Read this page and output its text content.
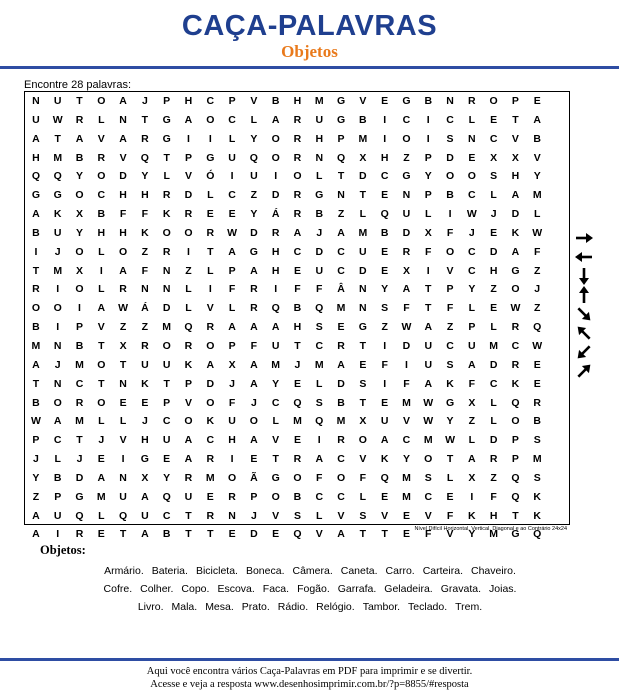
CAÇA-PALAVRAS
Objetos
Encontre 28 palavras:
N	U	T	O	A	J	P	H	C	P	V	B	H	M	G	V	E	G	B	N	R	O	P	E
U	W	R	L	N	T	G	A	O	C	L	A	R	U	G	B	I	C	I	C	L	E	T	A
A	T	A	V	A	R	G	I	I	L	Y	O	R	H	P	M	I	O	I	S	N	C	V	B
H	M	B	R	V	Q	T	P	G	U	Q	O	R	N	Q	X	H	Z	P	D	E	X	X	V
Q	Q	Y	O	D	Y	L	V	Ó	I	U	I	O	L	T	D	C	G	Y	O	O	S	H	Y
G	G	O	C	H	H	R	D	L	C	Z	D	R	G	N	T	E	N	P	B	C	L	A	M
A	K	X	B	F	F	K	R	E	E	Y	Á	R	B	Z	L	Q	U	L	I	W	J	D	L
B	U	Y	H	H	K	O	O	R	W	D	R	A	J	A	M	B	D	X	F	J	E	K	W
I	J	O	L	O	Z	R	I	T	A	G	H	C	D	C	U	E	R	F	O	C	D	A	F
T	M	X	I	A	F	N	Z	L	P	A	H	E	U	C	D	E	X	I	V	C	H	G	Z
R	I	O	L	R	N	N	L	I	F	R	I	F	F	Â	N	Y	A	T	P	Y	Z	O	J
O	O	I	A	W	Á	D	L	V	L	R	Q	B	Q	M	N	S	F	T	F	L	E	W	Z
B	I	P	V	Z	Z	M	Q	R	A	A	A	H	S	E	G	Z	W	A	Z	P	L	R	Q
M	N	B	T	X	R	O	R	O	P	F	U	T	C	R	T	I	D	U	C	U	M	C	W
A	J	M	O	T	U	U	K	A	X	A	M	J	M	A	E	F	I	U	S	A	D	R	E
T	N	C	T	N	K	T	P	D	J	A	Y	E	L	D	S	I	F	A	K	F	C	K	E
B	O	R	O	E	E	P	V	O	F	J	C	Q	S	B	T	E	M	W	G	X	L	Q	R
W	A	M	L	L	J	C	O	K	U	O	L	M	Q	M	X	U	V	W	Y	Z	L	O	B
P	C	T	J	V	H	U	A	C	H	A	V	E	I	R	O	A	C	M	W	L	D	P	S
J	L	J	E	I	G	E	A	R	I	E	T	R	A	C	V	K	Y	O	T	A	R	P	M
Y	B	D	A	N	X	Y	R	M	O	Ã	G	O	F	O	F	Q	M	S	L	X	Z	Q	S
Z	P	G	M	U	A	Q	U	E	R	P	O	B	C	C	L	E	M	C	E	I	F	Q	K
A	U	Q	L	Q	U	C	T	R	N	J	V	S	L	V	S	V	E	V	F	K	H	T	K
A	I	R	E	T	A	B	T	T	E	D	E	Q	V	A	T	T	E	F	V	Y	M	G	Q
Nível Difícil Horizontal, Vertical, Diagonal e ao Contrário 24x24
Objetos:
Armário. Bateria. Bicicleta. Boneca. Câmera. Caneta. Carro. Carteira. Chaveiro.
Cofre. Colher. Copo. Escova. Faca. Fogão. Garrafa. Geladeira. Gravata. Joias.
Livro. Mala. Mesa. Prato. Rádio. Relógio. Tambor. Teclado. Trem.
Aqui você encontra vários Caça-Palavras em PDF para imprimir e se divertir.
Acesse e veja a resposta www.desenhosimprimir.com.br/?p=8855/#resposta
